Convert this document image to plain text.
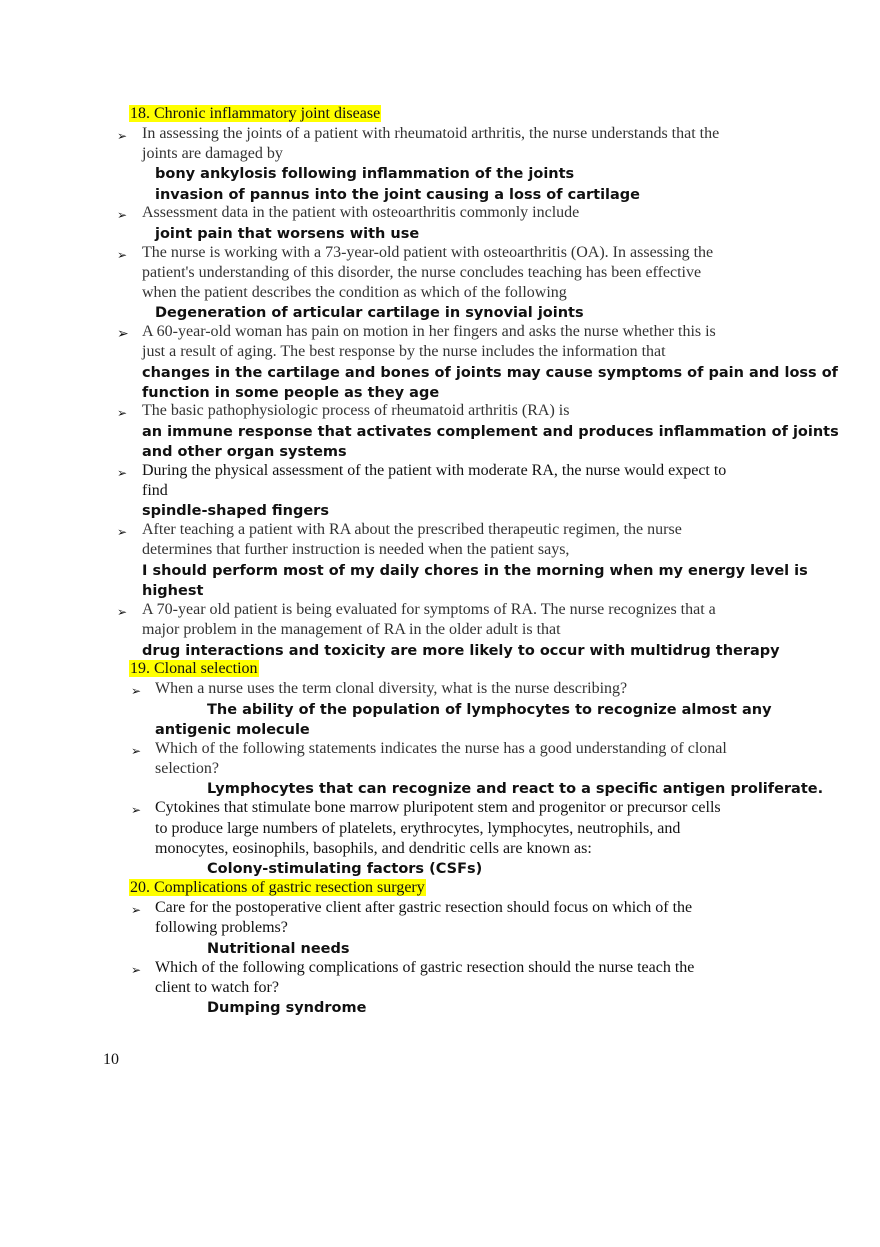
18. Chronic inflammatory joint disease
➢ In assessing the joints of a patient with rheumatoid arthritis, the nurse understands that the
joints are damaged by
bony ankylosis following inflammation of the joints
invasion of pannus into the joint causing a loss of cartilage
➢ Assessment data in the patient with osteoarthritis commonly include
joint pain that worsens with use
➢ The nurse is working with a 73-year-old patient with osteoarthritis (OA). In assessing the
patient's understanding of this disorder, the nurse concludes teaching has been effective
when the patient describes the condition as which of the following
Degeneration of articular cartilage in synovial joints
➢ A 60-year-old woman has pain on motion in her fingers and asks the nurse whether this is
just a result of aging. The best response by the nurse includes the information that
changes in the cartilage and bones of joints may cause symptoms of pain and loss of
function in some people as they age
➢ The basic pathophysiologic process of rheumatoid arthritis (RA) is
an immune response that activates complement and produces inflammation of joints
and other organ systems
➢ During the physical assessment of the patient with moderate RA, the nurse would expect to
find
spindle-shaped fingers
➢ After teaching a patient with RA about the prescribed therapeutic regimen, the nurse
determines that further instruction is needed when the patient says,
I should perform most of my daily chores in the morning when my energy level is
highest
➢ A 70-year old patient is being evaluated for symptoms of RA. The nurse recognizes that a
major problem in the management of RA in the older adult is that
drug interactions and toxicity are more likely to occur with multidrug therapy
19. Clonal selection
➢ When a nurse uses the term clonal diversity, what is the nurse describing?
The ability of the population of lymphocytes to recognize almost any
antigenic molecule
➢ Which of the following statements indicates the nurse has a good understanding of clonal
selection?
Lymphocytes that can recognize and react to a specific antigen proliferate.
➢ Cytokines that stimulate bone marrow pluripotent stem and progenitor or precursor cells
to produce large numbers of platelets, erythrocytes, lymphocytes, neutrophils, and
monocytes, eosinophils, basophils, and dendritic cells are known as:
Colony-stimulating factors (CSFs)
20. Complications of gastric resection surgery
➢ Care for the postoperative client after gastric resection should focus on which of the
following problems?
Nutritional needs
➢ Which of the following complications of gastric resection should the nurse teach the
client to watch for?
Dumping syndrome
10
